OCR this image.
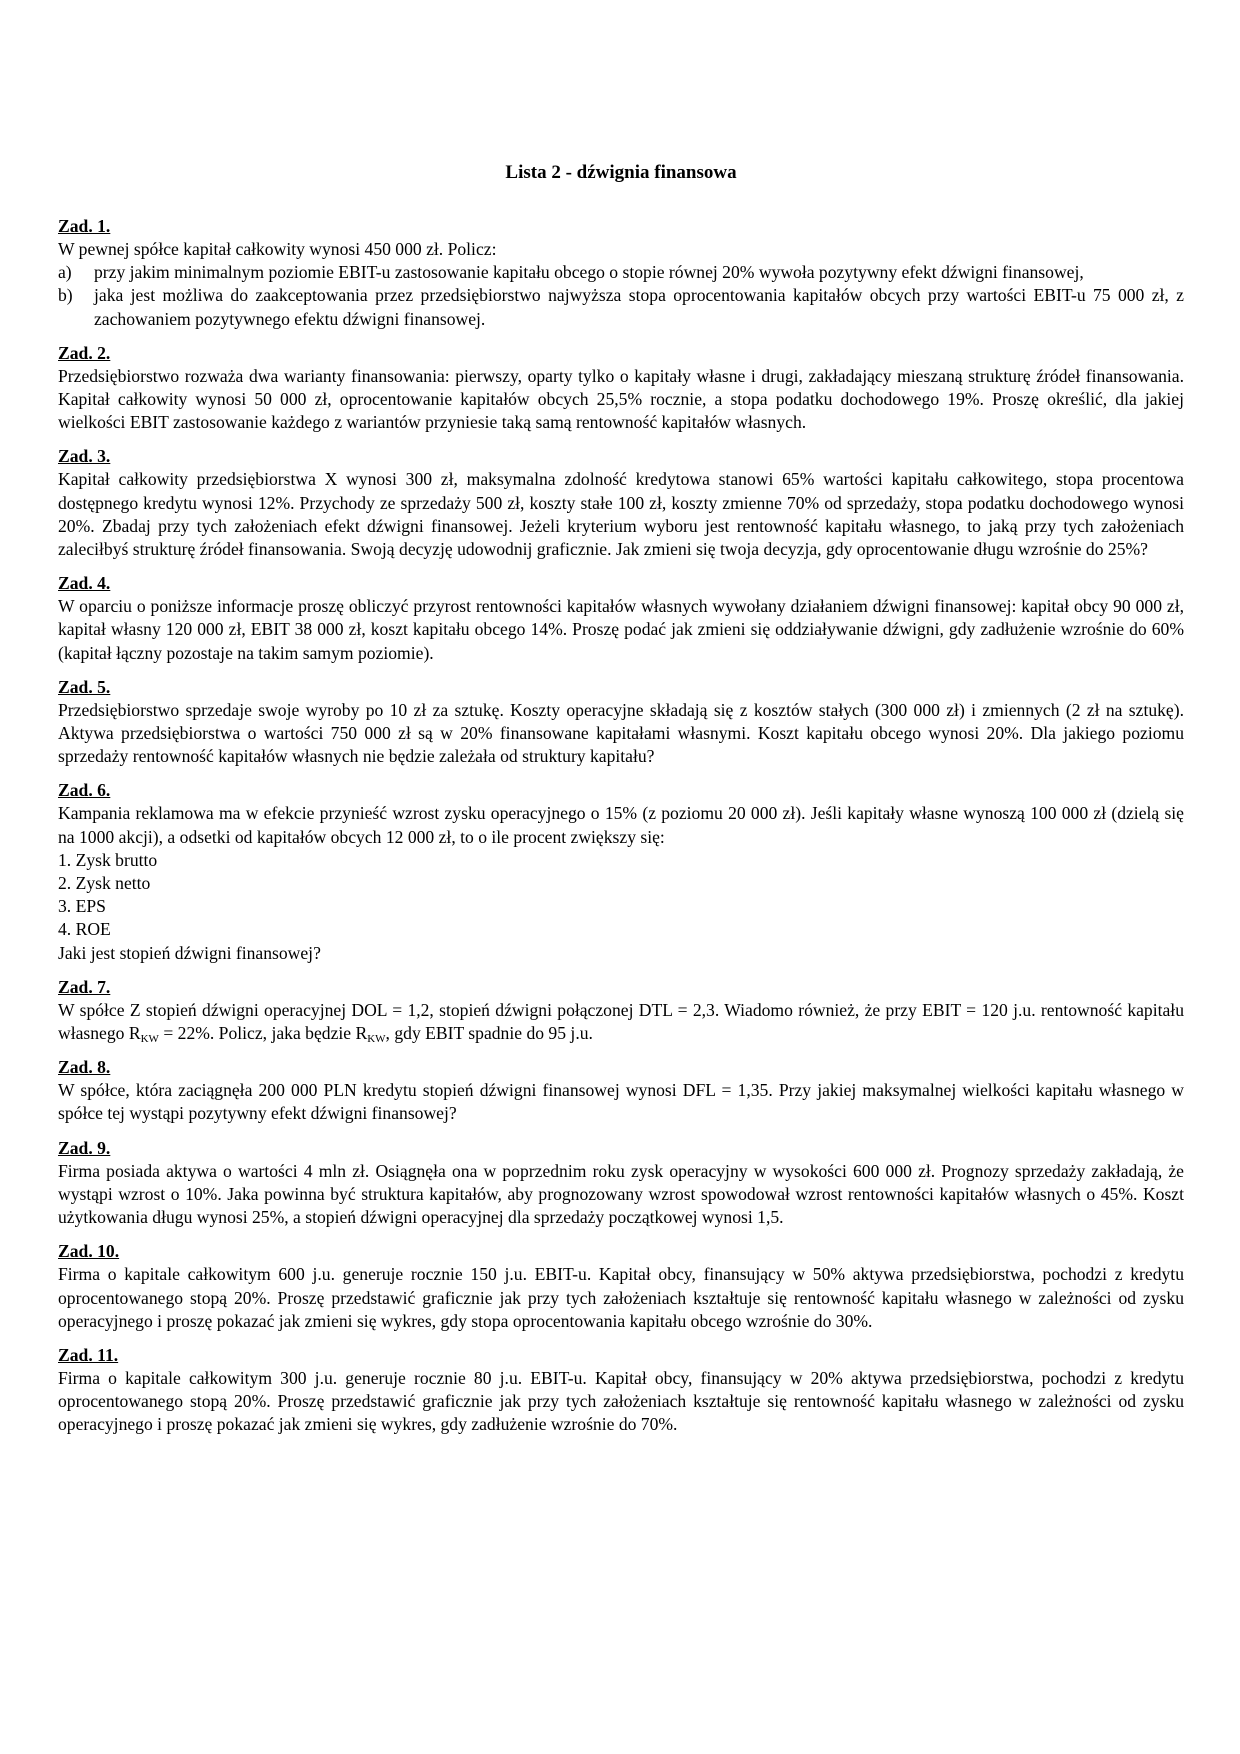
Lista 2 - dźwignia finansowa
Zad. 1.
W pewnej spółce kapitał całkowity wynosi 450 000 zł. Policz:
a) przy jakim minimalnym poziomie EBIT-u zastosowanie kapitału obcego o stopie równej 20% wywoła pozytywny efekt dźwigni finansowej,
b) jaka jest możliwa do zaakceptowania przez przedsiębiorstwo najwyższa stopa oprocentowania kapitałów obcych przy wartości EBIT-u 75 000 zł, z zachowaniem pozytywnego efektu dźwigni finansowej.
Zad. 2.
Przedsiębiorstwo rozważa dwa warianty finansowania: pierwszy, oparty tylko o kapitały własne i drugi, zakładający mieszaną strukturę źródeł finansowania. Kapitał całkowity wynosi 50 000 zł, oprocentowanie kapitałów obcych 25,5% rocznie, a stopa podatku dochodowego 19%. Proszę określić, dla jakiej wielkości EBIT zastosowanie każdego z wariantów przyniesie taką samą rentowność kapitałów własnych.
Zad. 3.
Kapitał całkowity przedsiębiorstwa X wynosi 300 zł, maksymalna zdolność kredytowa stanowi 65% wartości kapitału całkowitego, stopa procentowa dostępnego kredytu wynosi 12%. Przychody ze sprzedaży 500 zł, koszty stałe 100 zł, koszty zmienne 70% od sprzedaży, stopa podatku dochodowego wynosi 20%. Zbadaj przy tych założeniach efekt dźwigni finansowej. Jeżeli kryterium wyboru jest rentowność kapitału własnego, to jaką przy tych założeniach zaleciłbyś strukturę źródeł finansowania. Swoją decyzję udowodnij graficznie. Jak zmieni się twoja decyzja, gdy oprocentowanie długu wzrośnie do 25%?
Zad. 4.
W oparciu o poniższe informacje proszę obliczyć przyrost rentowności kapitałów własnych wywołany działaniem dźwigni finansowej: kapitał obcy 90 000 zł, kapitał własny 120 000 zł, EBIT 38 000 zł, koszt kapitału obcego 14%. Proszę podać jak zmieni się oddziaływanie dźwigni, gdy zadłużenie wzrośnie do 60% (kapitał łączny pozostaje na takim samym poziomie).
Zad. 5.
Przedsiębiorstwo sprzedaje swoje wyroby po 10 zł za sztukę. Koszty operacyjne składają się z kosztów stałych (300 000 zł) i zmiennych (2 zł na sztukę). Aktywa przedsiębiorstwa o wartości 750 000 zł są w 20% finansowane kapitałami własnymi. Koszt kapitału obcego wynosi 20%. Dla jakiego poziomu sprzedaży rentowność kapitałów własnych nie będzie zależała od struktury kapitału?
Zad. 6.
Kampania reklamowa ma w efekcie przynieść wzrost zysku operacyjnego o 15% (z poziomu 20 000 zł). Jeśli kapitały własne wynoszą 100 000 zł (dzielą się na 1000 akcji), a odsetki od kapitałów obcych 12 000 zł, to o ile procent zwiększy się:
1. Zysk brutto
2. Zysk netto
3. EPS
4. ROE
Jaki jest stopień dźwigni finansowej?
Zad. 7.
W spółce Z stopień dźwigni operacyjnej DOL = 1,2, stopień dźwigni połączonej DTL = 2,3. Wiadomo również, że przy EBIT = 120 j.u. rentowność kapitału własnego $R_{KW} = 22\%$. Policz, jaka będzie $R_{KW}$, gdy EBIT spadnie do 95 j.u.
Zad. 8.
W spółce, która zaciągnęła 200 000 PLN kredytu stopień dźwigni finansowej wynosi DFL = 1,35. Przy jakiej maksymalnej wielkości kapitału własnego w spółce tej wystąpi pozytywny efekt dźwigni finansowej?
Zad. 9.
Firma posiada aktywa o wartości 4 mln zł. Osiągnęła ona w poprzednim roku zysk operacyjny w wysokości 600 000 zł. Prognozy sprzedaży zakładają, że wystąpi wzrost o 10%. Jaka powinna być struktura kapitałów, aby prognozowany wzrost spowodował wzrost rentowności kapitałów własnych o 45%. Koszt użytkowania długu wynosi 25%, a stopień dźwigni operacyjnej dla sprzedaży początkowej wynosi 1,5.
Zad. 10.
Firma o kapitale całkowitym 600 j.u. generuje rocznie 150 j.u. EBIT-u. Kapitał obcy, finansujący w 50% aktywa przedsiębiorstwa, pochodzi z kredytu oprocentowanego stopą 20%. Proszę przedstawić graficznie jak przy tych założeniach kształtuje się rentowność kapitału własnego w zależności od zysku operacyjnego i proszę pokazać jak zmieni się wykres, gdy stopa oprocentowania kapitału obcego wzrośnie do 30%.
Zad. 11.
Firma o kapitale całkowitym 300 j.u. generuje rocznie 80 j.u. EBIT-u. Kapitał obcy, finansujący w 20% aktywa przedsiębiorstwa, pochodzi z kredytu oprocentowanego stopą 20%. Proszę przedstawić graficznie jak przy tych założeniach kształtuje się rentowność kapitału własnego w zależności od zysku operacyjnego i proszę pokazać jak zmieni się wykres, gdy zadłużenie wzrośnie do 70%.
